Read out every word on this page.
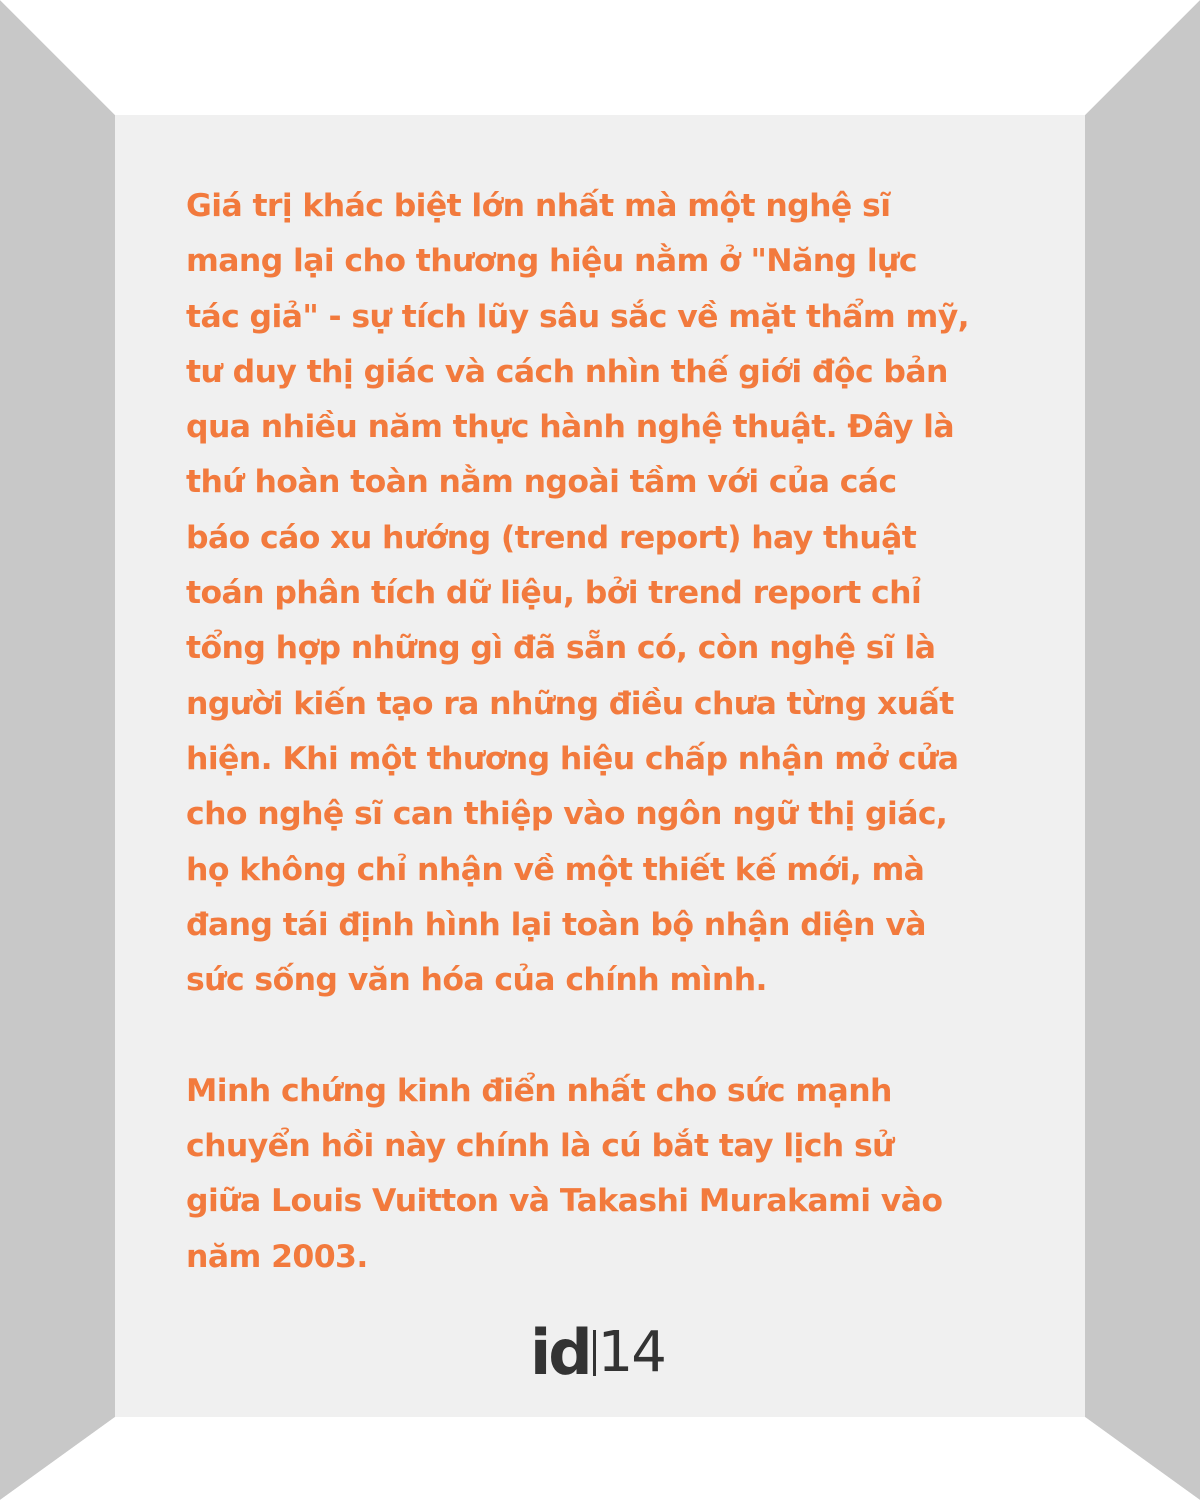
Giá trị khác biệt lớn nhất mà một nghệ sĩ
mang lại cho thương hiệu nằm ở "Năng lực
tác giả" - sự tích lũy sâu sắc về mặt thẩm mỹ,
tư duy thị giác và cách nhìn thế giới độc bản
qua nhiều năm thực hành nghệ thuật. Đây là
thứ hoàn toàn nằm ngoài tầm với của các
báo cáo xu hướng (trend report) hay thuật
toán phân tích dữ liệu, bởi trend report chỉ
tổng hợp những gì đã sẵn có, còn nghệ sĩ là
người kiến tạo ra những điều chưa từng xuất
hiện. Khi một thương hiệu chấp nhận mở cửa
cho nghệ sĩ can thiệp vào ngôn ngữ thị giác,
họ không chỉ nhận về một thiết kế mới, mà
đang tái định hình lại toàn bộ nhận diện và
sức sống văn hóa của chính mình.

Minh chứng kinh điển nhất cho sức mạnh
chuyển hồi này chính là cú bắt tay lịch sử
giữa Louis Vuitton và Takashi Murakami vào
năm 2003.

id 14
